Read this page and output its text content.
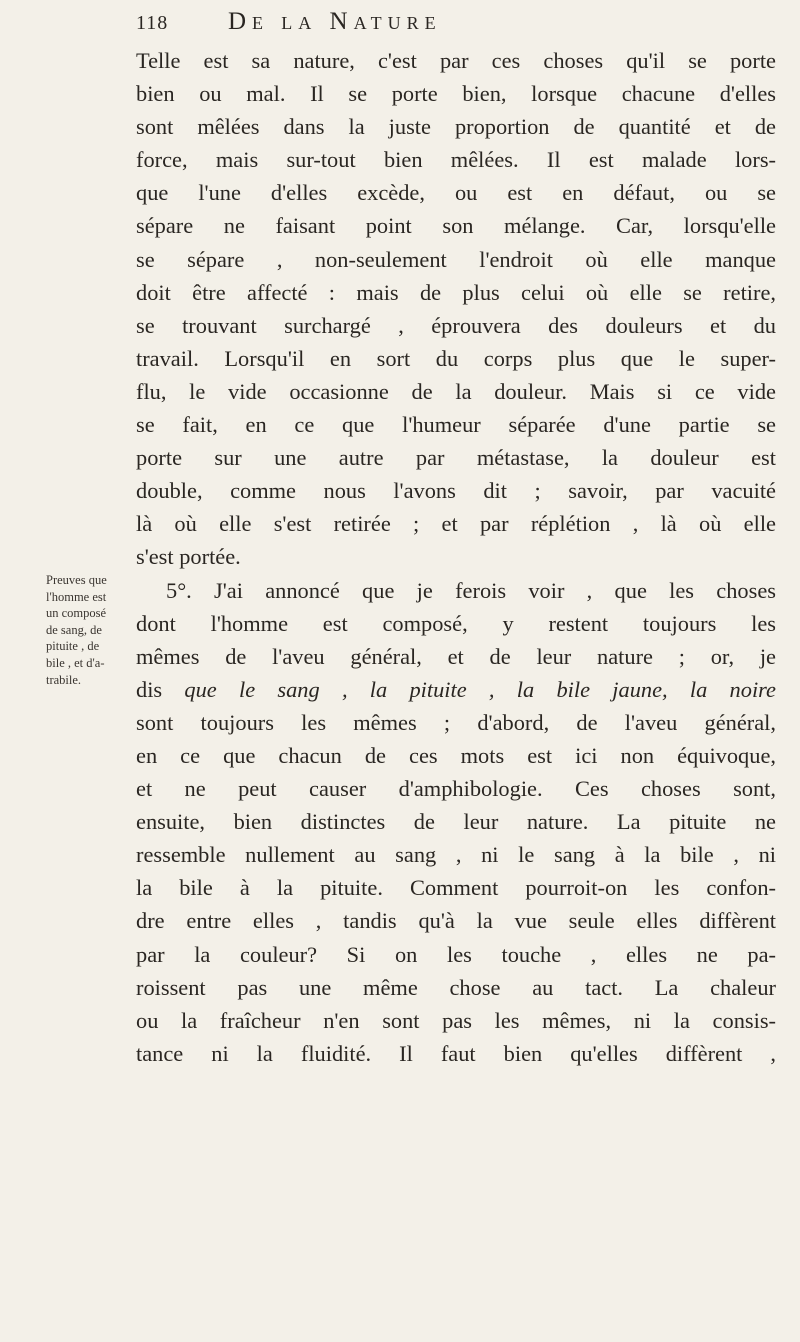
118 De la Nature
Preuves que
l'homme est
un composé
de sang, de
pituite , de
bile , et d'a-
trabile.
Telle est sa nature, c'est par ces choses qu'il se porte
bien ou mal. Il se porte bien, lorsque chacune d'elles
sont mêlées dans la juste proportion de quantité et de
force, mais sur-tout bien mêlées. Il est malade lors-
que l'une d'elles excède, ou est en défaut, ou se
sépare ne faisant point son mélange. Car, lorsqu'elle
se sépare , non-seulement l'endroit où elle manque
doit être affecté : mais de plus celui où elle se retire,
se trouvant surchargé , éprouvera des douleurs et du
travail. Lorsqu'il en sort du corps plus que le super-
flu, le vide occasionne de la douleur. Mais si ce vide
se fait, en ce que l'humeur séparée d'une partie se
porte sur une autre par métastase, la douleur est
double, comme nous l'avons dit ; savoir, par vacuité
là où elle s'est retirée ; et par réplétion , là où elle
s'est portée.
5°. J'ai annoncé que je ferois voir , que les choses
dont l'homme est composé, y restent toujours les
mêmes de l'aveu général, et de leur nature ; or, je
dis que le sang , la pituite , la bile jaune, la noire
sont toujours les mêmes ; d'abord, de l'aveu général,
en ce que chacun de ces mots est ici non équivoque,
et ne peut causer d'amphibologie. Ces choses sont,
ensuite, bien distinctes de leur nature. La pituite ne
ressemble nullement au sang , ni le sang à la bile , ni
la bile à la pituite. Comment pourroit-on les confon-
dre entre elles , tandis qu'à la vue seule elles diffèrent
par la couleur? Si on les touche , elles ne pa-
roissent pas une même chose au tact. La chaleur
ou la fraîcheur n'en sont pas les mêmes, ni la consis-
tance ni la fluidité. Il faut bien qu'elles diffèrent ,
